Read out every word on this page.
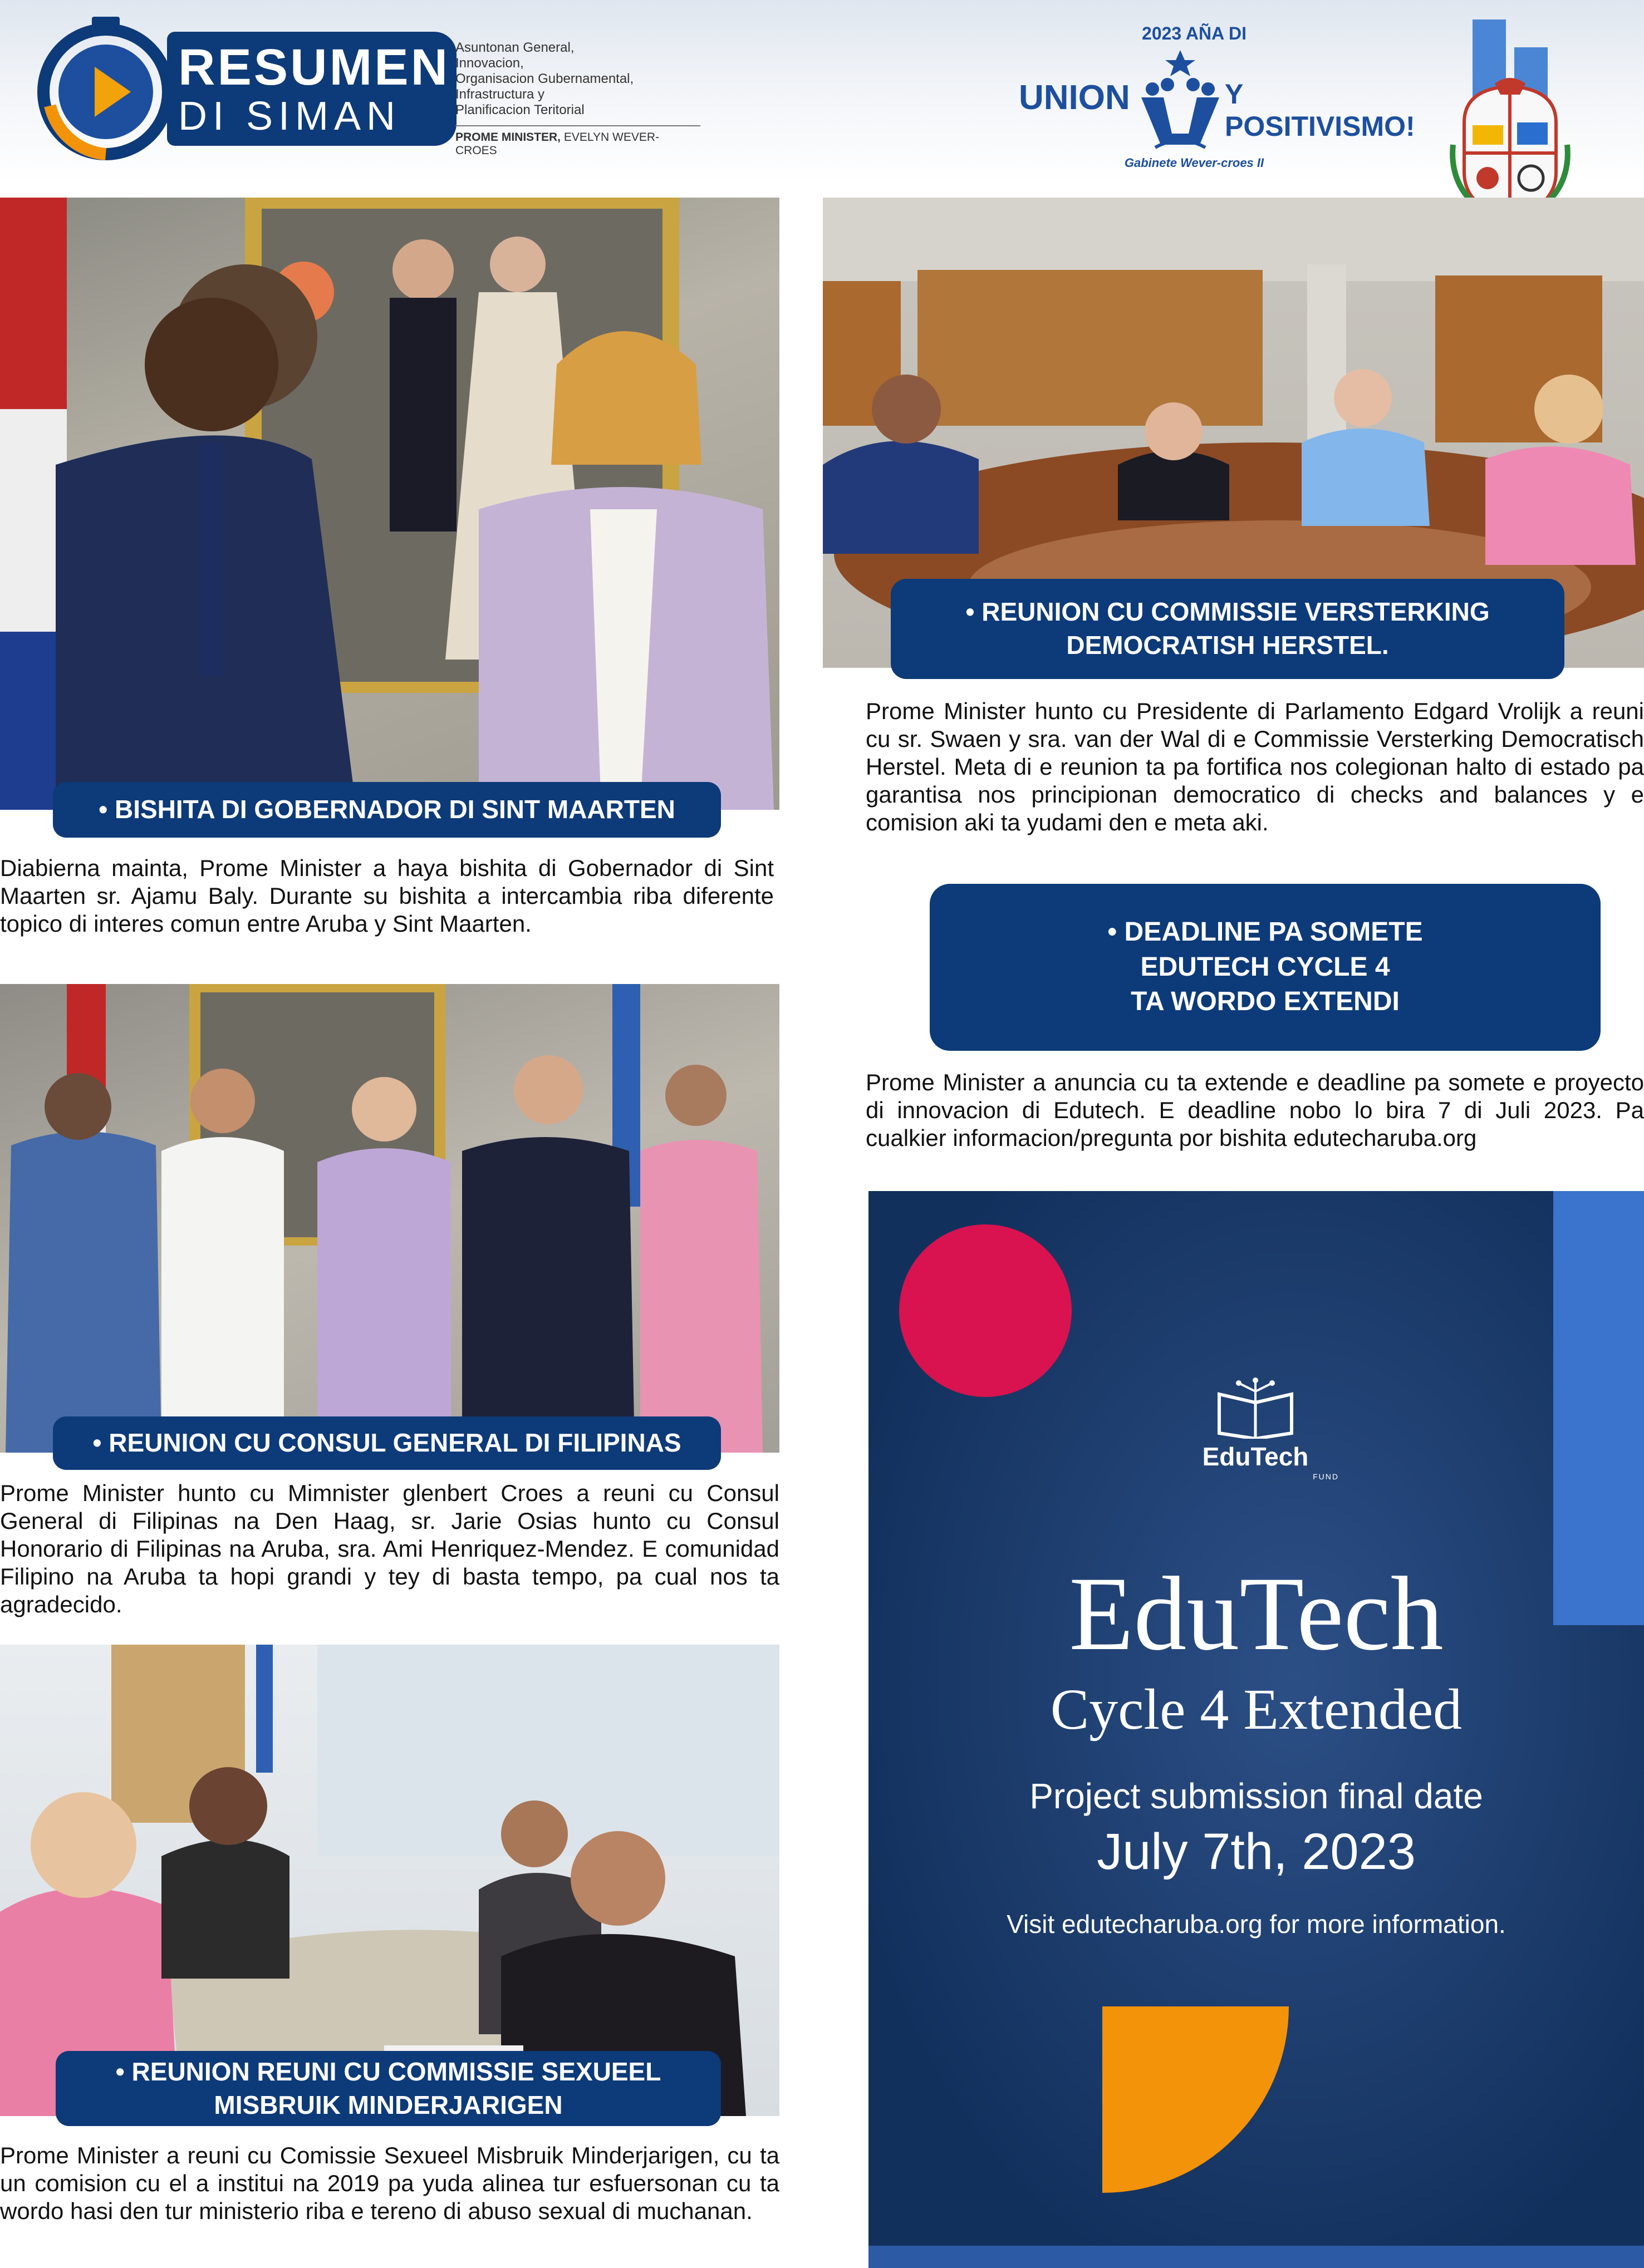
RESUMEN
DI SIMAN
Asuntonan General,
Innovacion,
Organisacion Gubernamental,
Infrastructura y
Planificacion Teritorial
PROME MINISTER, EVELYN WEVER-CROES
2023 AÑA DI
UNION	Y POSITIVISMO!
Gabinete Wever-croes II
• BISHITA DI GOBERNADOR DI SINT MAARTEN
Diabierna mainta, Prome Minister a haya bishita di Gobernador di Sint Maarten sr. Ajamu Baly. Durante su bishita a intercambia riba diferente topico di interes comun entre Aruba y Sint Maarten.
• REUNION CU CONSUL GENERAL DI FILIPINAS
Prome Minister hunto cu Mimnister glenbert Croes a reuni cu Consul General di Filipinas na Den Haag, sr. Jarie Osias hunto cu Consul Honorario di Filipinas na Aruba, sra. Ami Henriquez-Mendez. E comunidad Filipino na Aruba ta hopi grandi y tey di basta tempo, pa cual nos ta agradecido.
• REUNION REUNI CU COMMISSIE SEXUEEL
MISBRUIK MINDERJARIGEN
Prome Minister a reuni cu Comissie Sexueel Misbruik Minderjarigen, cu ta un comision cu el a institui na 2019 pa yuda alinea tur esfuersonan cu ta wordo hasi den tur ministerio riba e tereno di abuso sexual di muchanan.
• REUNION CU COMMISSIE VERSTERKING
DEMOCRATISH HERSTEL.
Prome Minister hunto cu Presidente di Parlamento Edgard Vrolijk a reuni cu sr. Swaen y sra. van der Wal di e Commissie Versterking Democratisch Herstel. Meta di e reunion ta pa fortifica nos colegionan halto di estado pa garantisa nos principionan democratico di checks and balances y e comision aki ta yudami den e meta aki.
• DEADLINE PA SOMETE
EDUTECH CYCLE 4
TA WORDO EXTENDI
Prome Minister a anuncia cu ta extende e deadline pa somete e proyecto di innovacion di Edutech. E deadline nobo lo bira 7 di Juli 2023. Pa cualkier informacion/pregunta por bishita edutecharuba.org
EduTech
FUND
EduTech
Cycle 4 Extended
Project submission final date
July 7th, 2023
Visit edutecharuba.org for more information.
